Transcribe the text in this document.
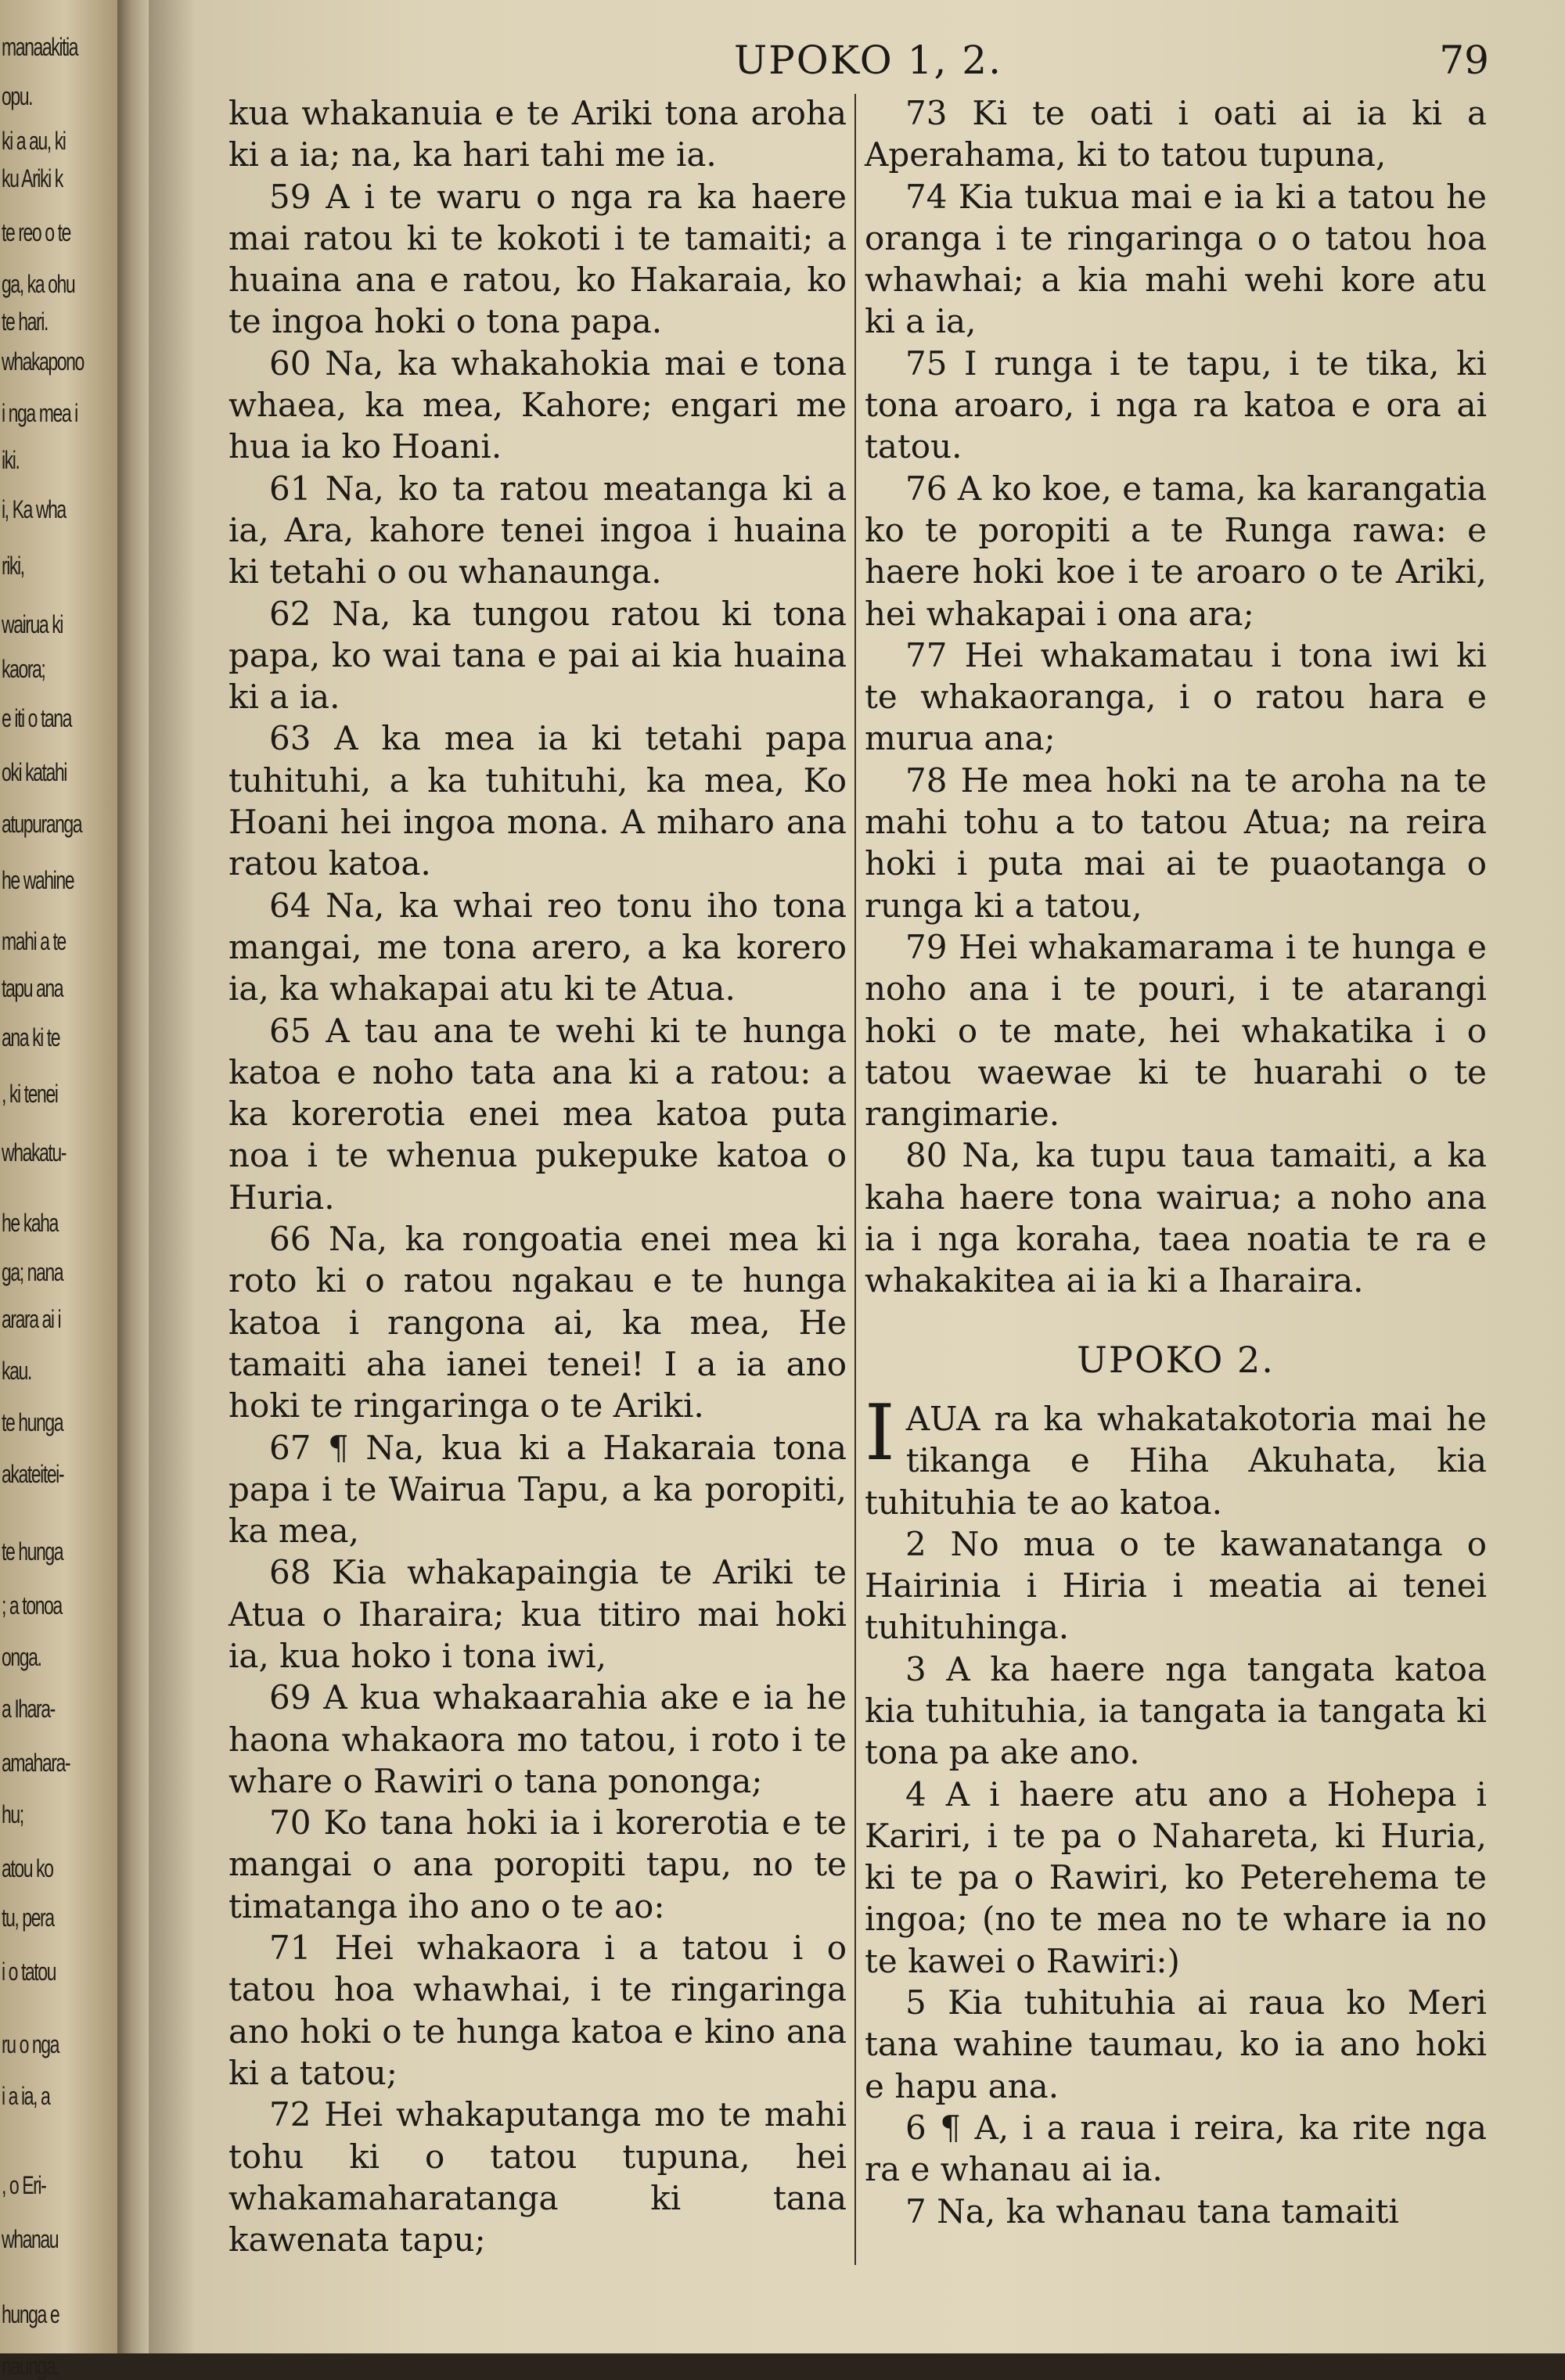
manaakitia
opu.
ki a au, ki
ku Ariki k
te reo o te
ga, ka ohu
te hari.
whakapono
i nga mea i
iki.
i, Ka wha
riki,
wairua ki
kaora;
e iti o tana
oki katahi
atupuranga
he wahine
mahi a te
tapu ana
ana ki te
, ki tenei
whakatu-
he kaha
ga; nana
arara ai i
kau.
te hunga
akateitei-
te hunga
; a tonoa
onga.
a Ihara-
amahara-
hu;
atou ko
tu, pera
i o tatou
ru o nga
i a ia, a
, o Eri-
whanau
hunga e
naunga,
UPOKO 1, 2.	79

kua whakanuia e te Ariki tona aroha ki a ia; na, ka hari tahi me ia.

59 A i te waru o nga ra ka haere mai ratou ki te kokoti i te tamaiti; a huaina ana e ratou, ko Hakaraia, ko te ingoa hoki o tona papa.

60 Na, ka whakahokia mai e tona whaea, ka mea, Kahore; engari me hua ia ko Hoani.

61 Na, ko ta ratou meatanga ki a ia, Ara, kahore tenei ingoa i huaina ki tetahi o ou whanaunga.

62 Na, ka tungou ratou ki tona papa, ko wai tana e pai ai kia huaina ki a ia.

63 A ka mea ia ki tetahi papa tuhituhi, a ka tuhituhi, ka mea, Ko Hoani hei ingoa mona. A miharo ana ratou katoa.

64 Na, ka whai reo tonu iho tona mangai, me tona arero, a ka korero ia, ka whakapai atu ki te Atua.

65 A tau ana te wehi ki te hunga katoa e noho tata ana ki a ratou: a ka korerotia enei mea katoa puta noa i te whenua pukepuke katoa o Huria.

66 Na, ka rongoatia enei mea ki roto ki o ratou ngakau e te hunga katoa i rangona ai, ka mea, He tamaiti aha ianei tenei! I a ia ano hoki te ringaringa o te Ariki.

67 ¶ Na, kua ki a Hakaraia tona papa i te Wairua Tapu, a ka poropiti, ka mea,

68 Kia whakapaingia te Ariki te Atua o Iharaira; kua titiro mai hoki ia, kua hoko i tona iwi,

69 A kua whakaarahia ake e ia he haona whakaora mo tatou, i roto i te whare o Rawiri o tana pononga;

70 Ko tana hoki ia i korerotia e te mangai o ana poropiti tapu, no te timatanga iho ano o te ao:

71 Hei whakaora i a tatou i o tatou hoa whawhai, i te ringaringa ano hoki o te hunga katoa e kino ana ki a tatou;

72 Hei whakaputanga mo te mahi tohu ki o tatou tupuna, hei whakamaharatanga ki tana kawenata tapu;

73 Ki te oati i oati ai ia ki a Aperahama, ki to tatou tupuna,

74 Kia tukua mai e ia ki a tatou he oranga i te ringaringa o o tatou hoa whawhai; a kia mahi wehi kore atu ki a ia,

75 I runga i te tapu, i te tika, ki tona aroaro, i nga ra katoa e ora ai tatou.

76 A ko koe, e tama, ka karangatia ko te poropiti a te Runga rawa: e haere hoki koe i te aroaro o te Ariki, hei whakapai i ona ara;

77 Hei whakamatau i tona iwi ki te whakaoranga, i o ratou hara e murua ana;

78 He mea hoki na te aroha na te mahi tohu a to tatou Atua; na reira hoki i puta mai ai te puaotanga o runga ki a tatou,

79 Hei whakamarama i te hunga e noho ana i te pouri, i te atarangi hoki o te mate, hei whakatika i o tatou waewae ki te huarahi o te rangimarie.

80 Na, ka tupu taua tamaiti, a ka kaha haere tona wairua; a noho ana ia i nga koraha, taea noatia te ra e whakakitea ai ia ki a Iharaira.

UPOKO 2.

IAUA ra ka whakatakotoria mai he tikanga e Hiha Akuhata, kia tuhituhia te ao katoa.

2 No mua o te kawanatanga o Hairinia i Hiria i meatia ai tenei tuhituhinga.

3 A ka haere nga tangata katoa kia tuhituhia, ia tangata ia tangata ki tona pa ake ano.

4 A i haere atu ano a Hohepa i Kariri, i te pa o Nahareta, ki Huria, ki te pa o Rawiri, ko Peterehema te ingoa; (no te mea no te whare ia no te kawei o Rawiri:)

5 Kia tuhituhia ai raua ko Meri tana wahine taumau, ko ia ano hoki e hapu ana.

6 ¶ A, i a raua i reira, ka rite nga ra e whanau ai ia.

7 Na, ka whanau tana tamaiti
